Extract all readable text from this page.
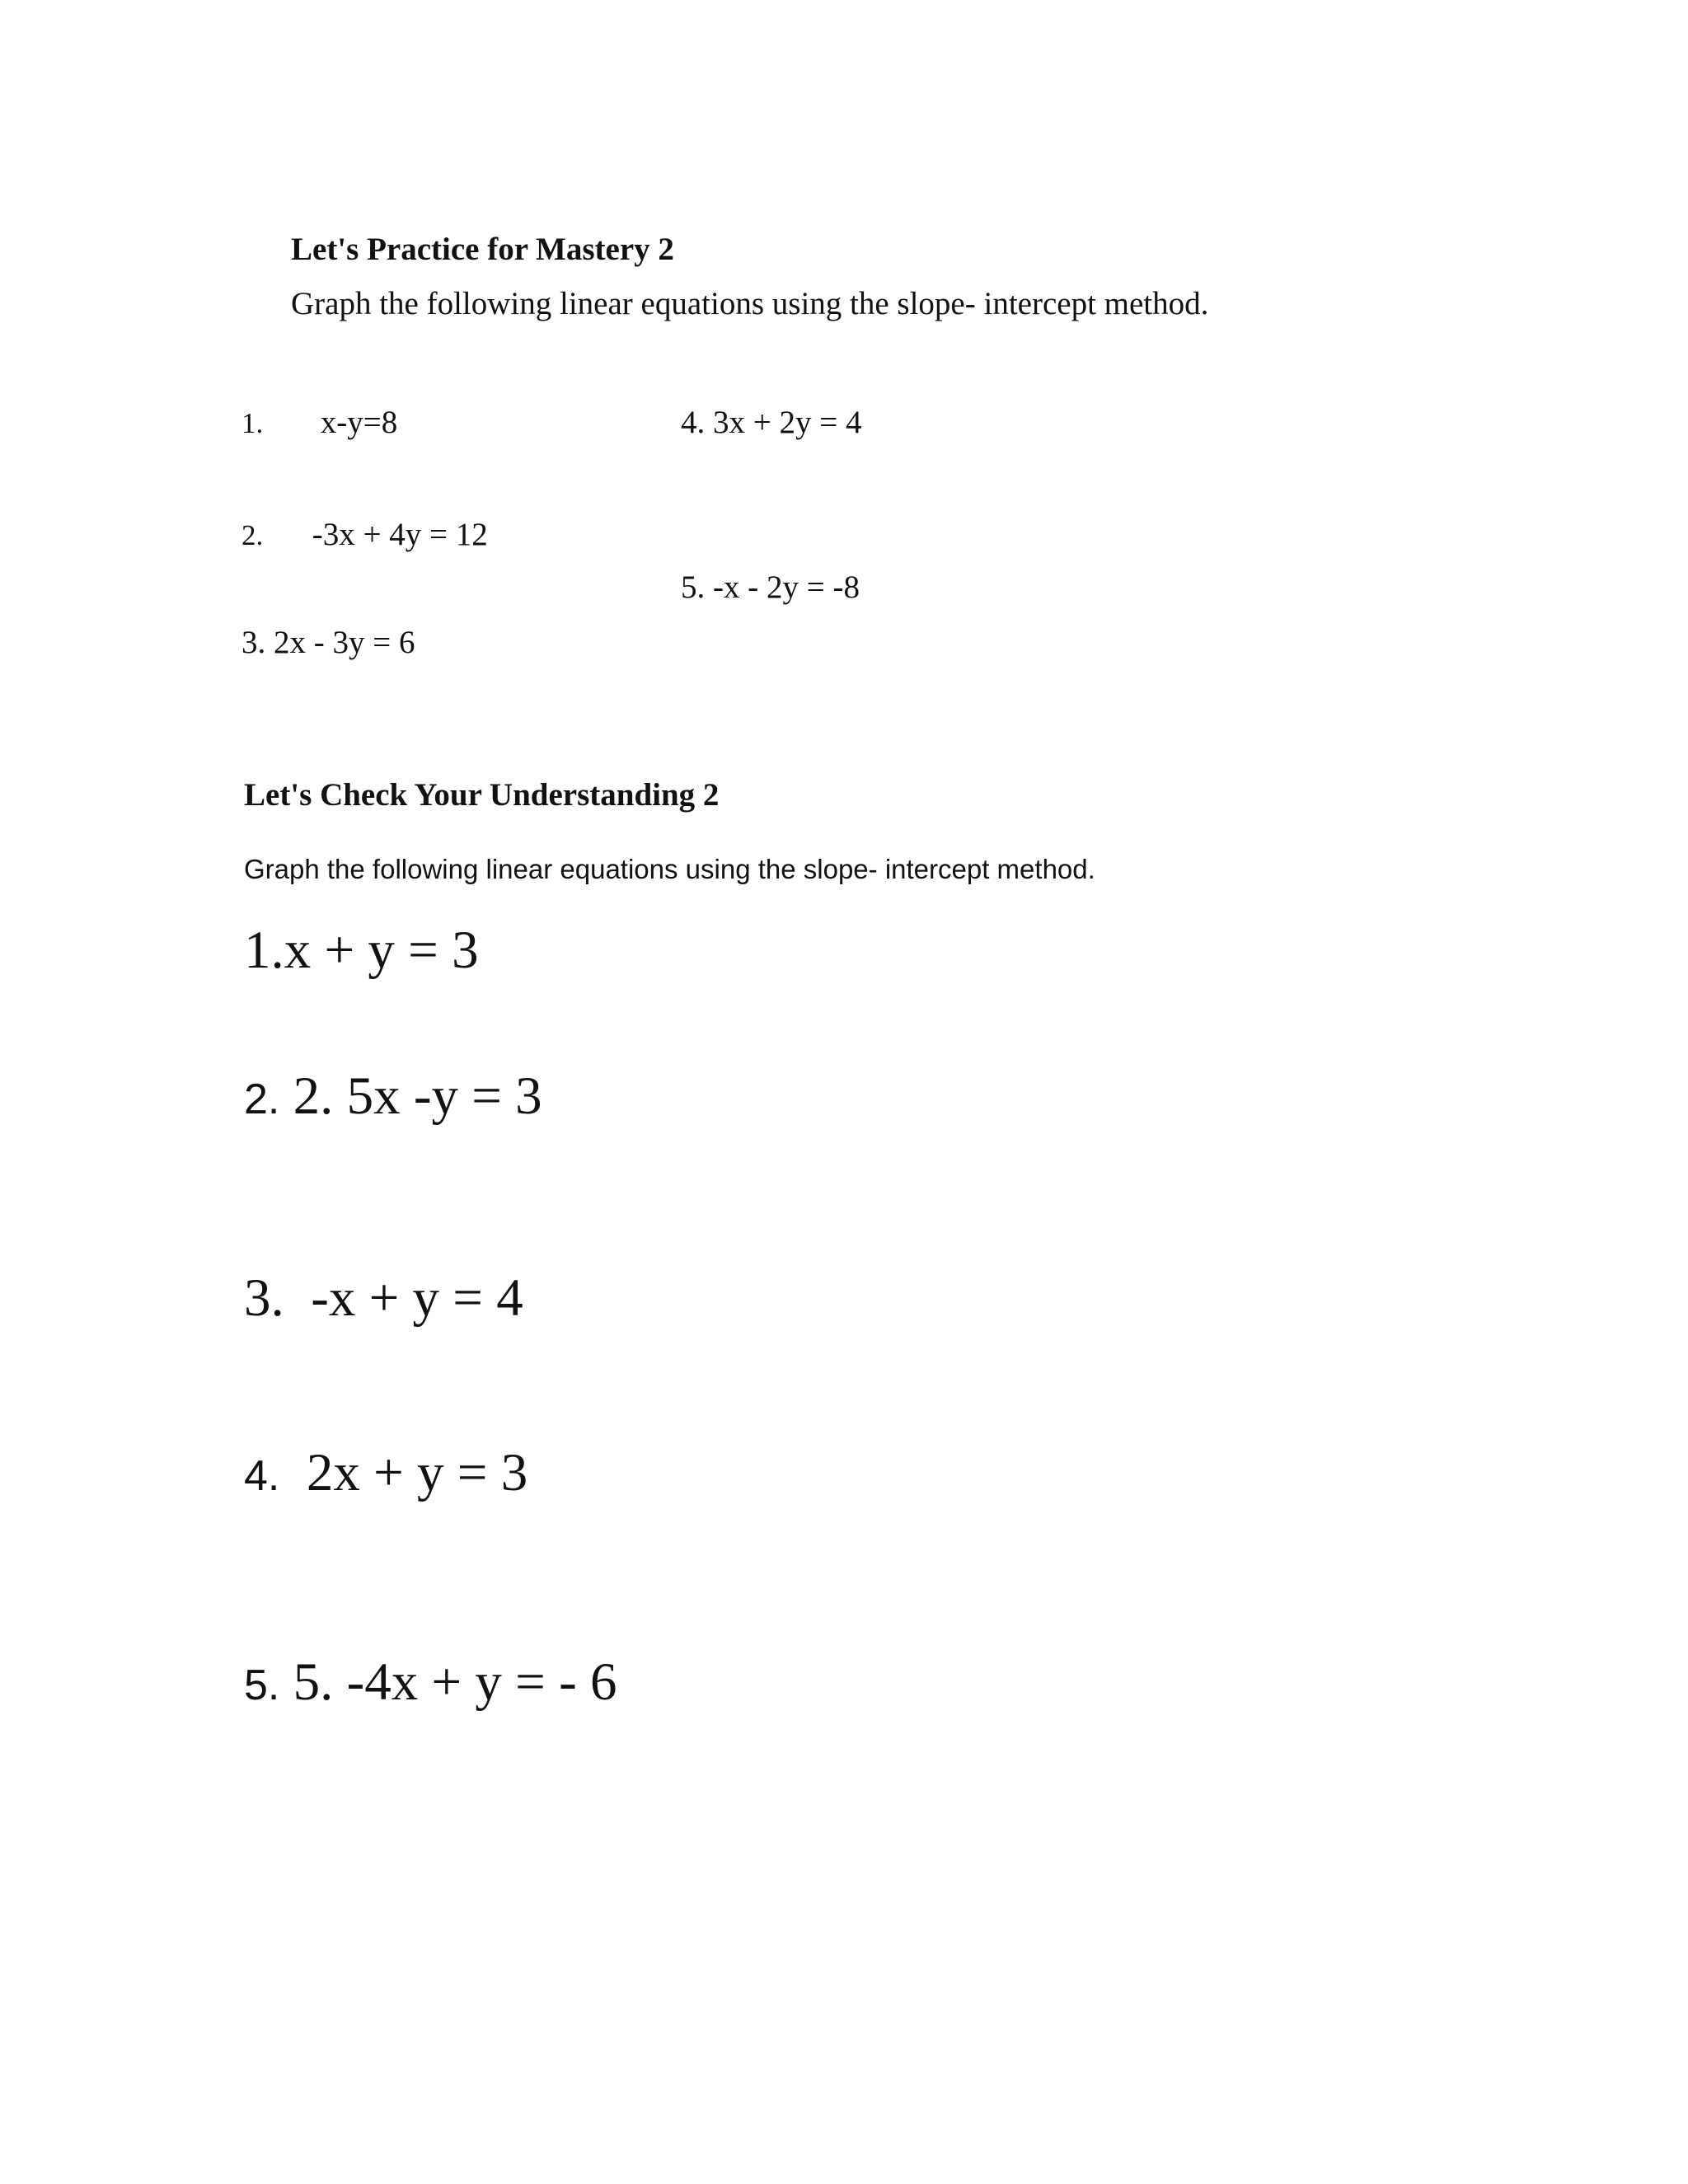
Let's Practice for Mastery 2
Graph the following linear equations using the slope- intercept method.
1. x-y=8
2. -3x + 4y = 12
3. 2x - 3y = 6
4. 3x + 2y = 4
5. -x - 2y = -8
Let's Check Your Understanding 2
Graph the following linear equations using the slope- intercept method.
1.x + y = 3
2. 2. 5x -y = 3
3. -x + y = 4
4. 2x + y = 3
5. 5. -4x + y = - 6
